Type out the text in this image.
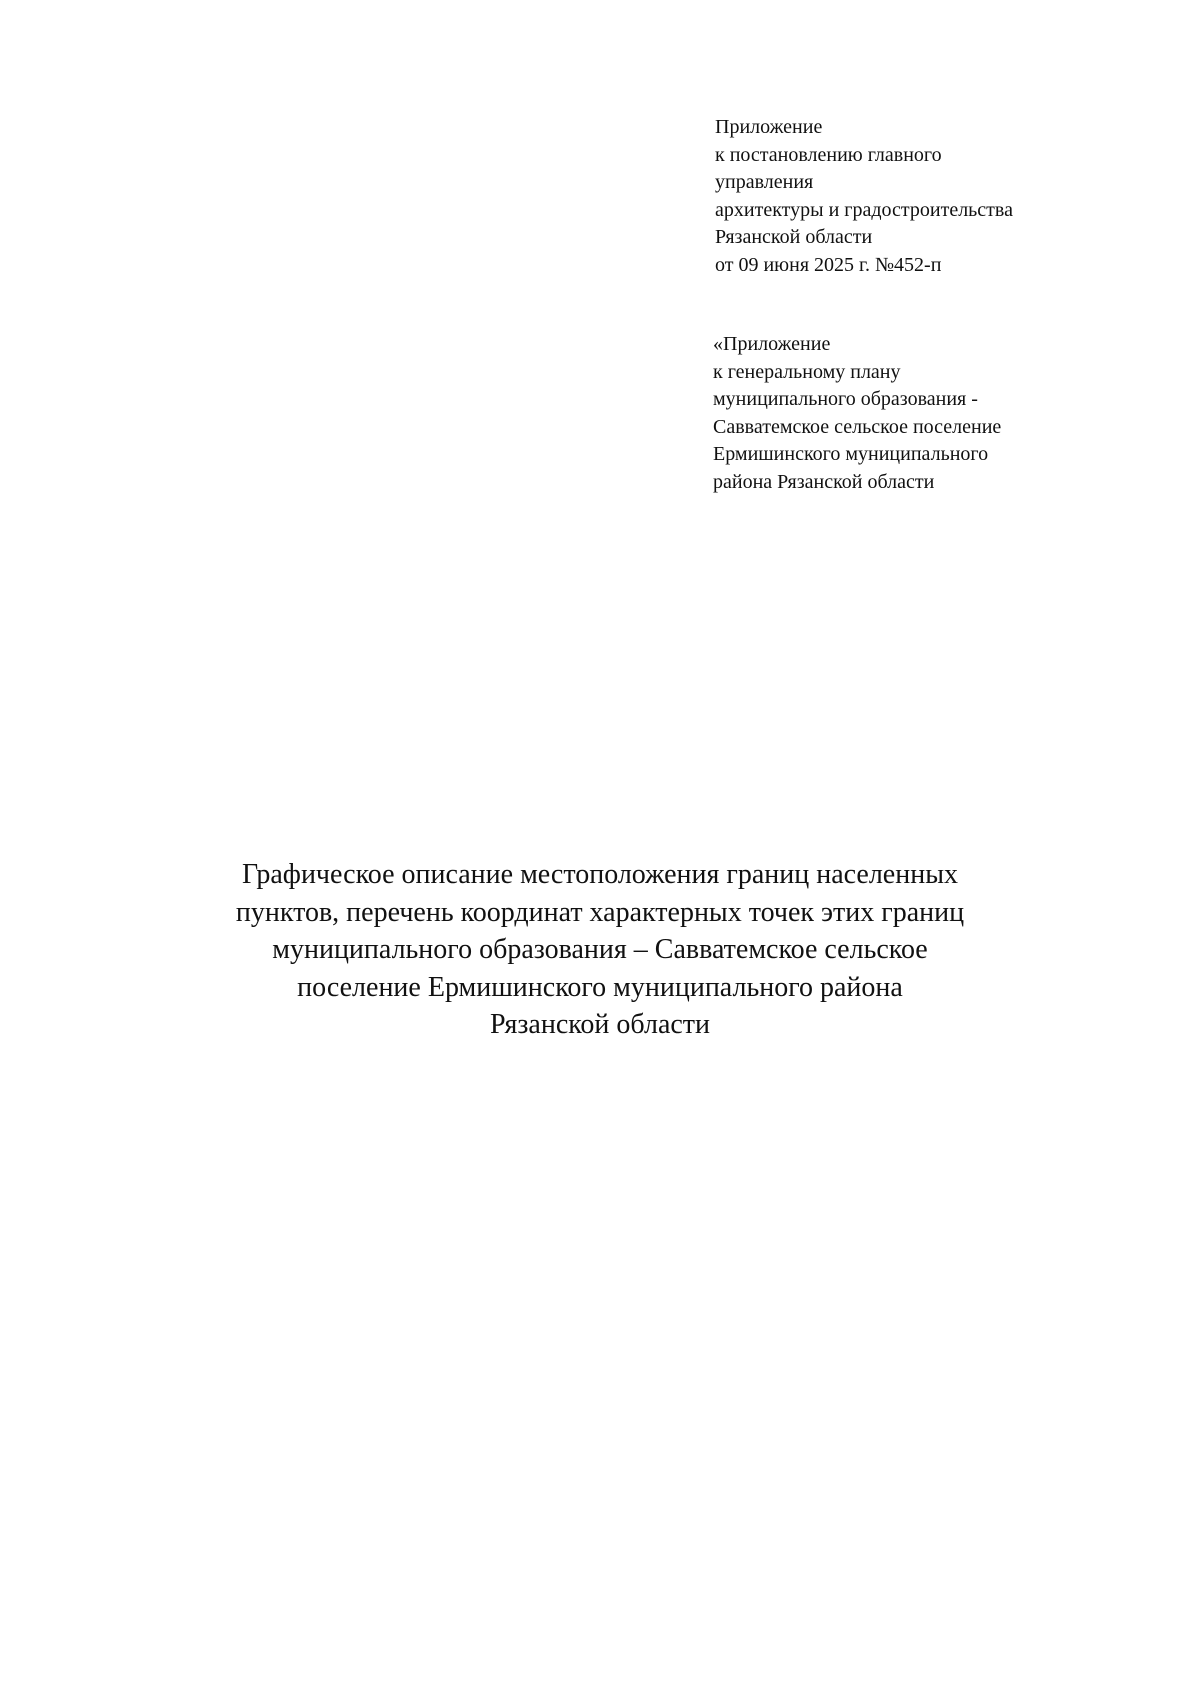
Приложение
к постановлению главного
управления
архитектуры и градостроительства
Рязанской области
от 09 июня 2025 г. №452-п
«Приложение
к генеральному плану
муниципального образования -
Савватемское сельское поселение
Ермишинского муниципального
района Рязанской области
Графическое описание местоположения границ населенных
пунктов, перечень координат характерных точек этих границ
муниципального образования – Савватемское сельское
поселение Ермишинского муниципального района
Рязанской области
